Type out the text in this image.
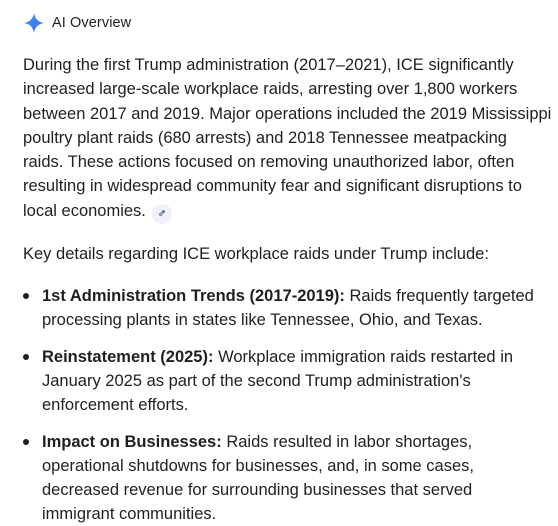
AI Overview
During the first Trump administration (2017–2021), ICE significantly
increased large-scale workplace raids, arresting over 1,800 workers
between 2017 and 2019. Major operations included the 2019 Mississippi
poultry plant raids (680 arrests) and 2018 Tennessee meatpacking
raids. These actions focused on removing unauthorized labor, often
resulting in widespread community fear and significant disruptions to
local economies.
Key details regarding ICE workplace raids under Trump include:
1st Administration Trends (2017-2019): Raids frequently targeted
processing plants in states like Tennessee, Ohio, and Texas.
Reinstatement (2025): Workplace immigration raids restarted in
January 2025 as part of the second Trump administration's
enforcement efforts.
Impact on Businesses: Raids resulted in labor shortages,
operational shutdowns for businesses, and, in some cases,
decreased revenue for surrounding businesses that served
immigrant communities.
